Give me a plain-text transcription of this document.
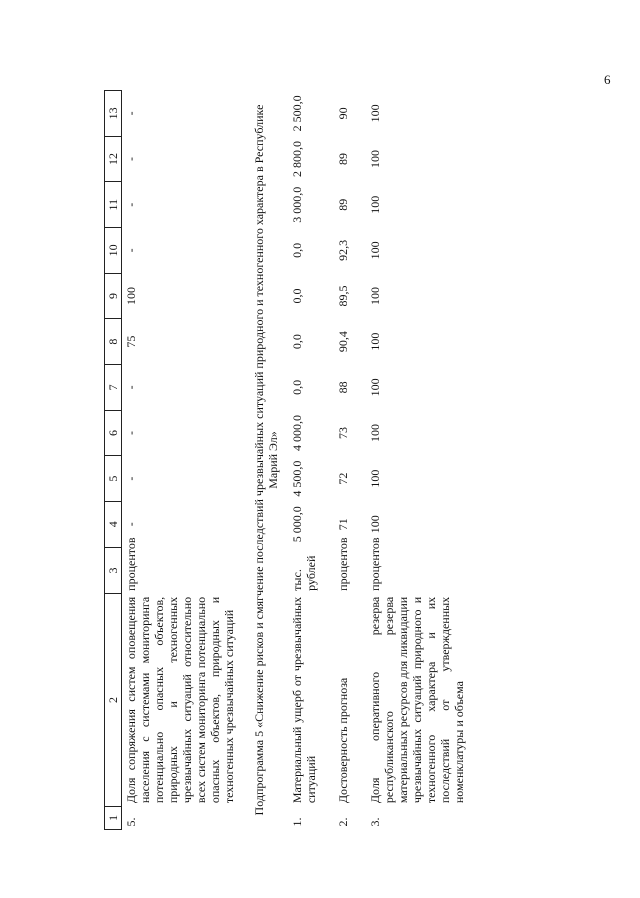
6
1	2	3	4	5	6	7	8	9	10	11	12	13
5.	Доля сопряжения систем оповещения населения с системами мониторинга потенциально опасных объектов, природных и техногенных чрезвычайных ситуаций относительно всех систем мониторинга потенциально опасных объектов, природных и техногенных чрезвычайных ситуаций	процентов	-	-	-	-	75	100	-	-	-	-
Подпрограмма 5 «Снижение рисков и смягчение последствий чрезвычайных ситуаций природного и техногенного характера в Республике Марий Эл»												
1.	Материальный ущерб от чрезвычайных ситуаций	тыс. рублей	5 000,0	4 500,0	4 000,0	0,0	0,0	0,0	0,0	3 000,0	2 800,0	2 500,0

2.	Достоверность прогноза	процентов	71	72	73	88	90,4	89,5	92,3	89	89	90

3.	Доля оперативного резерва республиканского резерва материальных ресурсов для ликвидации чрезвычайных ситуаций природного и техногенного характера и их последствий от утвержденных номенклатуры и объема	процентов	100	100	100	100	100	100	100	100	100	100
